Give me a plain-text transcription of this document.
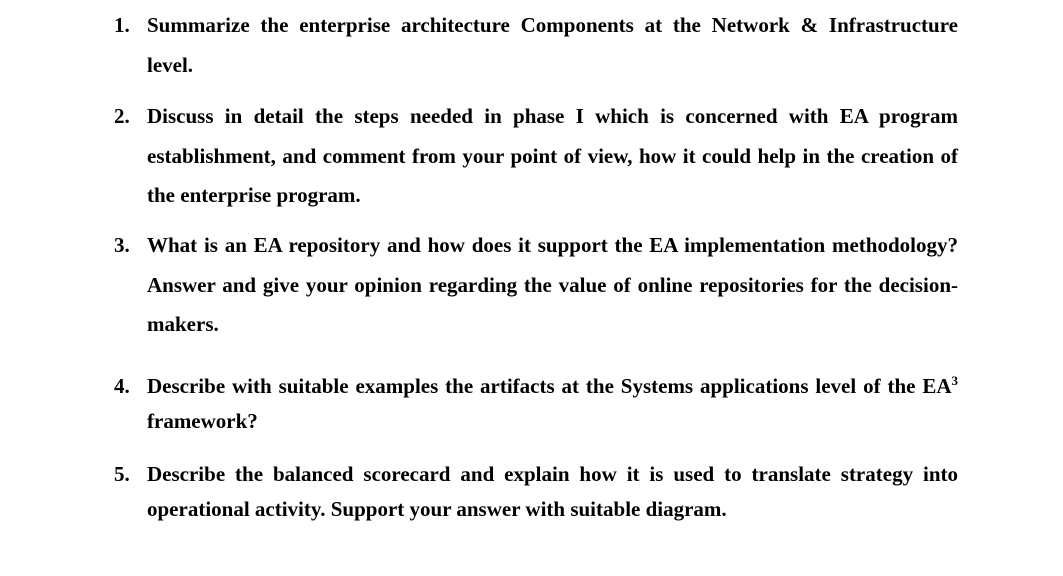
1. Summarize the enterprise architecture Components at the Network & Infrastructure level.
2. Discuss in detail the steps needed in phase I which is concerned with EA program establishment, and comment from your point of view, how it could help in the creation of the enterprise program.
3. What is an EA repository and how does it support the EA implementation methodology? Answer and give your opinion regarding the value of online repositories for the decision-makers.
4. Describe with suitable examples the artifacts at the Systems applications level of the $EA^3$ framework?
5. Describe the balanced scorecard and explain how it is used to translate strategy into operational activity. Support your answer with suitable diagram.
